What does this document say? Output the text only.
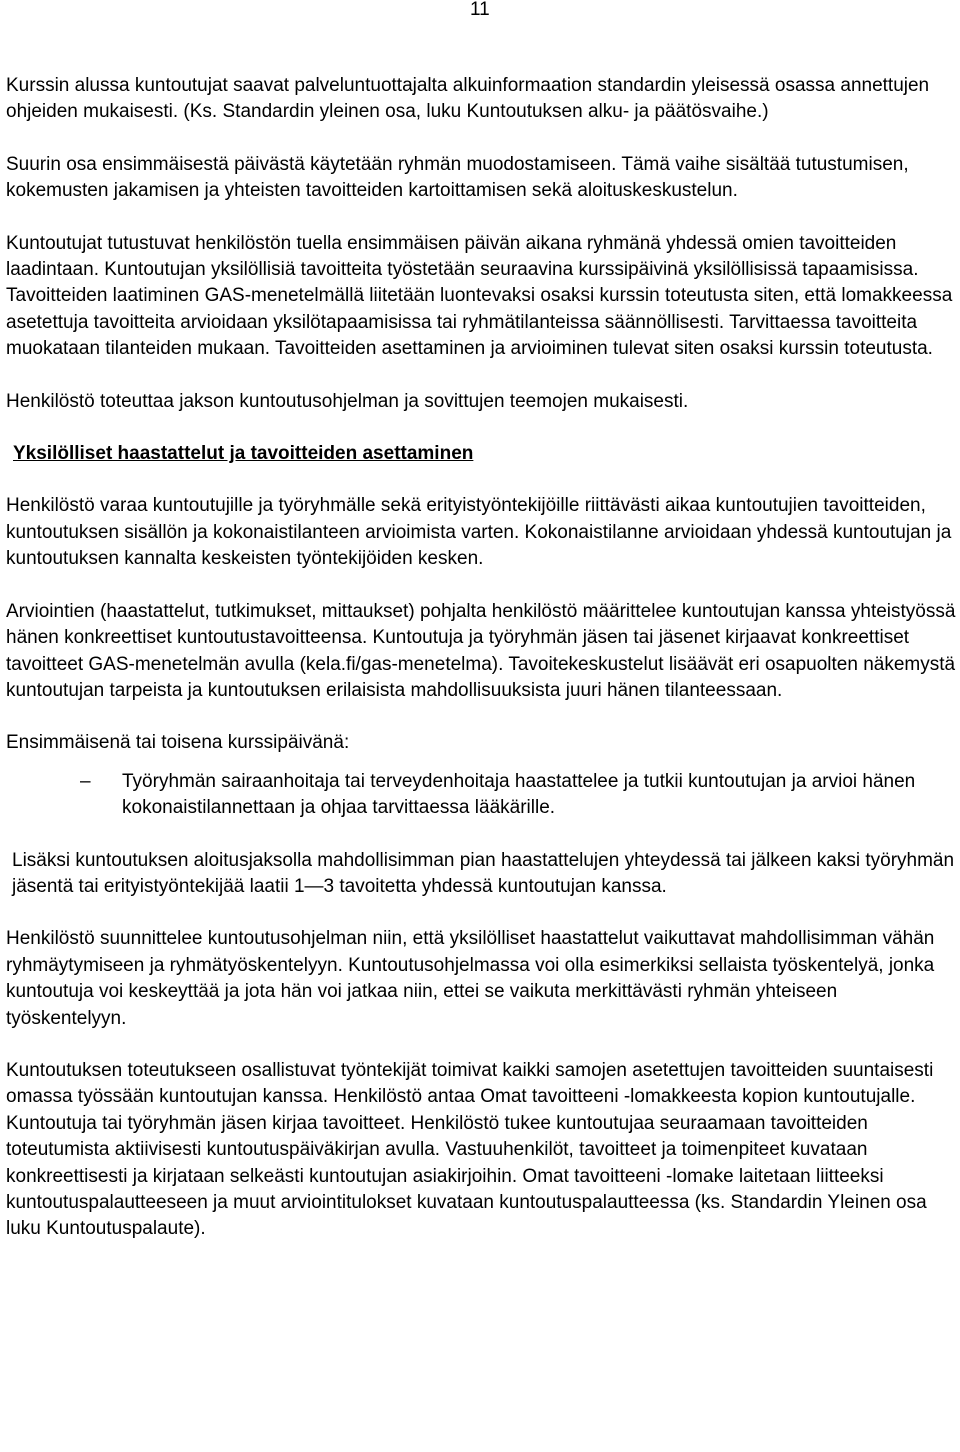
11

Kurssin alussa kuntoutujat saavat palveluntuottajalta alkuinformaation standardin yleisessä osassa annettujen ohjeiden mukaisesti. (Ks. Standardin yleinen osa, luku Kuntoutuksen alku- ja päätösvaihe.)

Suurin osa ensimmäisestä päivästä käytetään ryhmän muodostamiseen. Tämä vaihe sisältää tutustumisen, kokemusten jakamisen ja yhteisten tavoitteiden kartoittamisen sekä aloituskeskustelun.

Kuntoutujat tutustuvat henkilöstön tuella ensimmäisen päivän aikana ryhmänä yhdessä omien tavoitteiden laadintaan. Kuntoutujan yksilöllisiä tavoitteita työstetään seuraavina kurssipäivinä yksilöllisissä tapaamisissa. Tavoitteiden laatiminen GAS-menetelmällä liitetään luontevaksi osaksi kurssin toteutusta siten, että lomakkeessa asetettuja tavoitteita arvioidaan yksilötapaamisissa tai ryhmätilanteissa säännöllisesti. Tarvittaessa tavoitteita muokataan tilanteiden mukaan. Tavoitteiden asettaminen ja arvioiminen tulevat siten osaksi kurssin toteutusta.

Henkilöstö toteuttaa jakson kuntoutusohjelman ja sovittujen teemojen mukaisesti.

Yksilölliset haastattelut ja tavoitteiden asettaminen

Henkilöstö varaa kuntoutujille ja työryhmälle sekä erityistyöntekijöille riittävästi aikaa kuntoutujien tavoitteiden, kuntoutuksen sisällön ja kokonaistilanteen arvioimista varten. Kokonaistilanne arvioidaan yhdessä kuntoutujan ja kuntoutuksen kannalta keskeisten työntekijöiden kesken.

Arviointien (haastattelut, tutkimukset, mittaukset) pohjalta henkilöstö määrittelee kuntoutujan kanssa yhteistyössä hänen konkreettiset kuntoutustavoitteensa. Kuntoutuja ja työryhmän jäsen tai jäsenet kirjaavat konkreettiset tavoitteet GAS-menetelmän avulla (kela.fi/gas-menetelma). Tavoitekeskustelut lisäävät eri osapuolten näkemystä kuntoutujan tarpeista ja kuntoutuksen erilaisista mahdollisuuksista juuri hänen tilanteessaan.

Ensimmäisenä tai toisena kurssipäivänä:

– Työryhmän sairaanhoitaja tai terveydenhoitaja haastattelee ja tutkii kuntoutujan ja arvioi hänen kokonaistilannettaan ja ohjaa tarvittaessa lääkärille.

Lisäksi kuntoutuksen aloitusjaksolla mahdollisimman pian haastattelujen yhteydessä tai jälkeen kaksi työryhmän jäsentä tai erityistyöntekijää laatii 1—3 tavoitetta yhdessä kuntoutujan kanssa.

Henkilöstö suunnittelee kuntoutusohjelman niin, että yksilölliset haastattelut vaikuttavat mahdollisimman vähän ryhmäytymiseen ja ryhmätyöskentelyyn. Kuntoutusohjelmassa voi olla esimerkiksi sellaista työskentelyä, jonka kuntoutuja voi keskeyttää ja jota hän voi jatkaa niin, ettei se vaikuta merkittävästi ryhmän yhteiseen työskentelyyn.

Kuntoutuksen toteutukseen osallistuvat työntekijät toimivat kaikki samojen asetettujen tavoitteiden suuntaisesti omassa työssään kuntoutujan kanssa. Henkilöstö antaa Omat tavoitteeni -lomakkeesta kopion kuntoutujalle. Kuntoutuja tai työryhmän jäsen kirjaa tavoitteet. Henkilöstö tukee kuntoutujaa seuraamaan tavoitteiden toteutumista aktiivisesti kuntoutuspäiväkirjan avulla. Vastuuhenkilöt, tavoitteet ja toimenpiteet kuvataan konkreettisesti ja kirjataan selkeästi kuntoutujan asiakirjoihin. Omat tavoitteeni -lomake laitetaan liitteeksi kuntoutuspalautteeseen ja muut arviointitulokset kuvataan kuntoutuspalautteessa (ks. Standardin Yleinen osa luku Kuntoutuspalaute).
